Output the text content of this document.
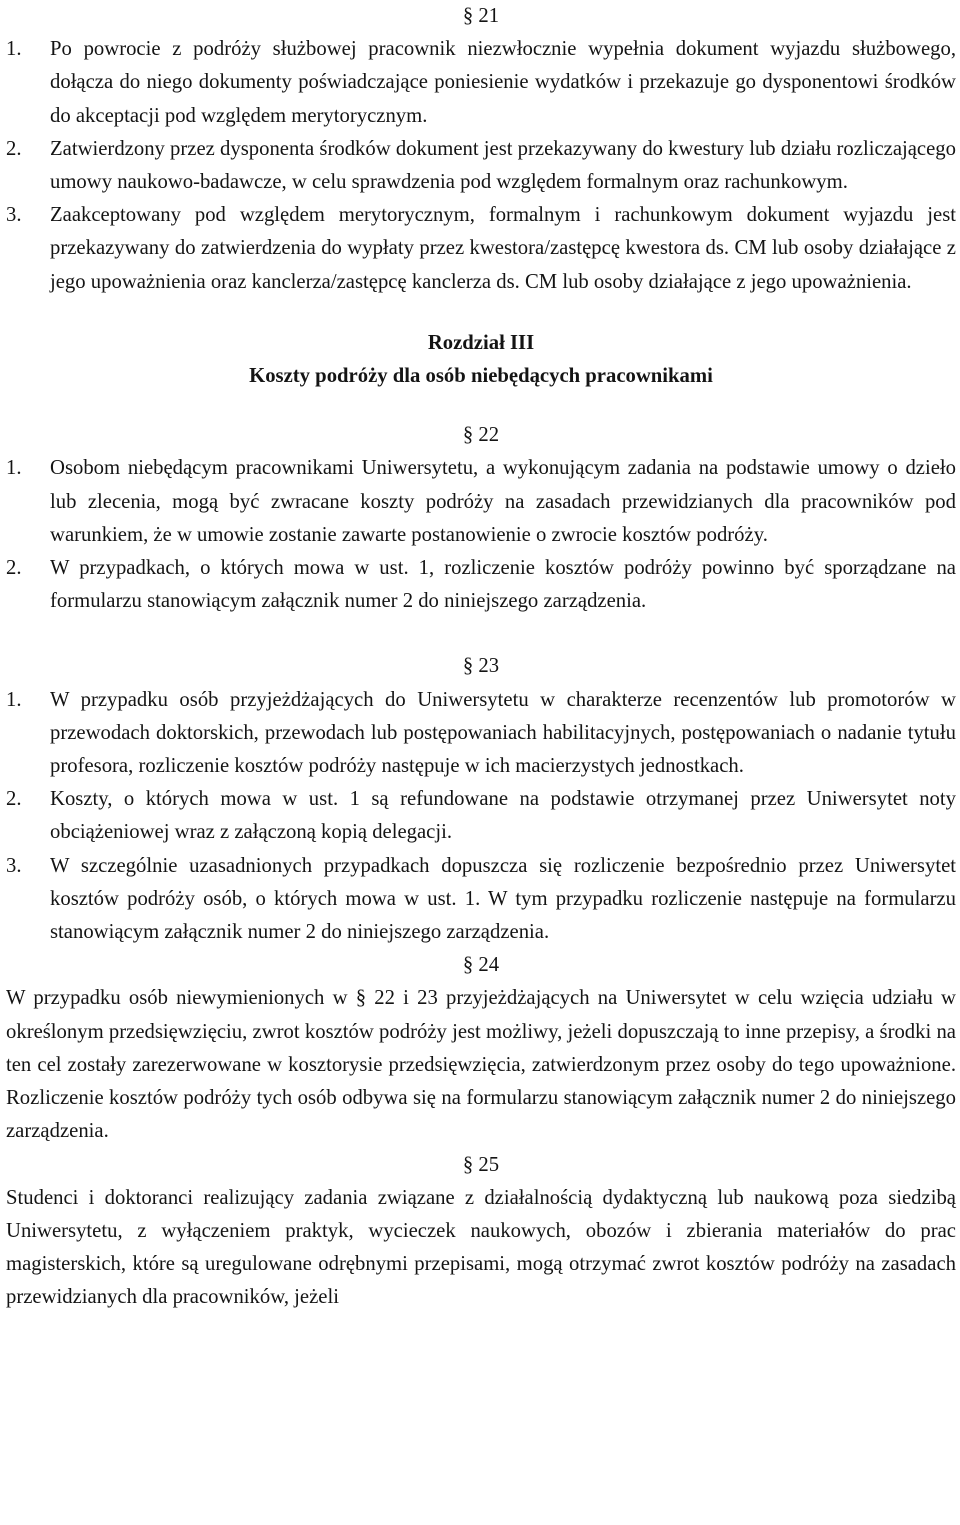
§ 21

1.	Po powrocie z podróży służbowej pracownik niezwłocznie wypełnia dokument wyjazdu służbowego, dołącza do niego dokumenty poświadczające poniesienie wydatków i przekazuje go dysponentowi środków do akceptacji pod względem merytorycznym.
2.	Zatwierdzony przez dysponenta środków dokument jest przekazywany do kwestury lub działu rozliczającego umowy naukowo-badawcze, w celu sprawdzenia pod względem formalnym oraz rachunkowym.
3.	Zaakceptowany pod względem merytorycznym, formalnym i rachunkowym dokument wyjazdu jest przekazywany do zatwierdzenia do wypłaty przez kwestora/zastępcę kwestora ds. CM lub osoby działające z jego upoważnienia oraz kanclerza/zastępcę kanclerza ds. CM lub osoby działające z jego upoważnienia.

Rozdział III

Koszty podróży dla osób niebędących pracownikami

§ 22

1.	Osobom niebędącym pracownikami Uniwersytetu, a wykonującym zadania na podstawie umowy o dzieło lub zlecenia, mogą być zwracane koszty podróży na zasadach przewidzianych dla pracowników pod warunkiem, że w umowie zostanie zawarte postanowienie o zwrocie kosztów podróży.
2.	W przypadkach, o których mowa w ust. 1, rozliczenie kosztów podróży powinno być sporządzane na formularzu stanowiącym załącznik numer 2 do niniejszego zarządzenia.

§ 23

1.	W przypadku osób przyjeżdżających do Uniwersytetu w charakterze recenzentów lub promotorów w przewodach doktorskich, przewodach lub postępowaniach habilitacyjnych, postępowaniach o nadanie tytułu profesora, rozliczenie kosztów podróży następuje w ich macierzystych jednostkach.
2.	Koszty, o których mowa w ust. 1 są refundowane na podstawie otrzymanej przez Uniwersytet noty obciążeniowej wraz z załączoną kopią delegacji.
3.	W szczególnie uzasadnionych przypadkach dopuszcza się rozliczenie bezpośrednio przez Uniwersytet kosztów podróży osób, o których mowa w ust. 1. W tym przypadku rozliczenie następuje na formularzu stanowiącym załącznik numer 2 do niniejszego zarządzenia.

§ 24

W przypadku osób niewymienionych w § 22 i 23 przyjeżdżających na Uniwersytet w celu wzięcia udziału w określonym przedsięwzięciu, zwrot kosztów podróży jest możliwy, jeżeli dopuszczają to inne przepisy, a środki na ten cel zostały zarezerwowane w kosztorysie przedsięwzięcia, zatwierdzonym przez osoby do tego upoważnione. Rozliczenie kosztów podróży tych osób odbywa się na formularzu stanowiącym załącznik numer 2 do niniejszego zarządzenia.

§ 25

Studenci i doktoranci realizujący zadania związane z działalnością dydaktyczną lub naukową poza siedzibą Uniwersytetu, z wyłączeniem praktyk, wycieczek naukowych, obozów i zbierania materiałów do prac magisterskich, które są uregulowane odrębnymi przepisami, mogą otrzymać zwrot kosztów podróży na zasadach przewidzianych dla pracowników, jeżeli
